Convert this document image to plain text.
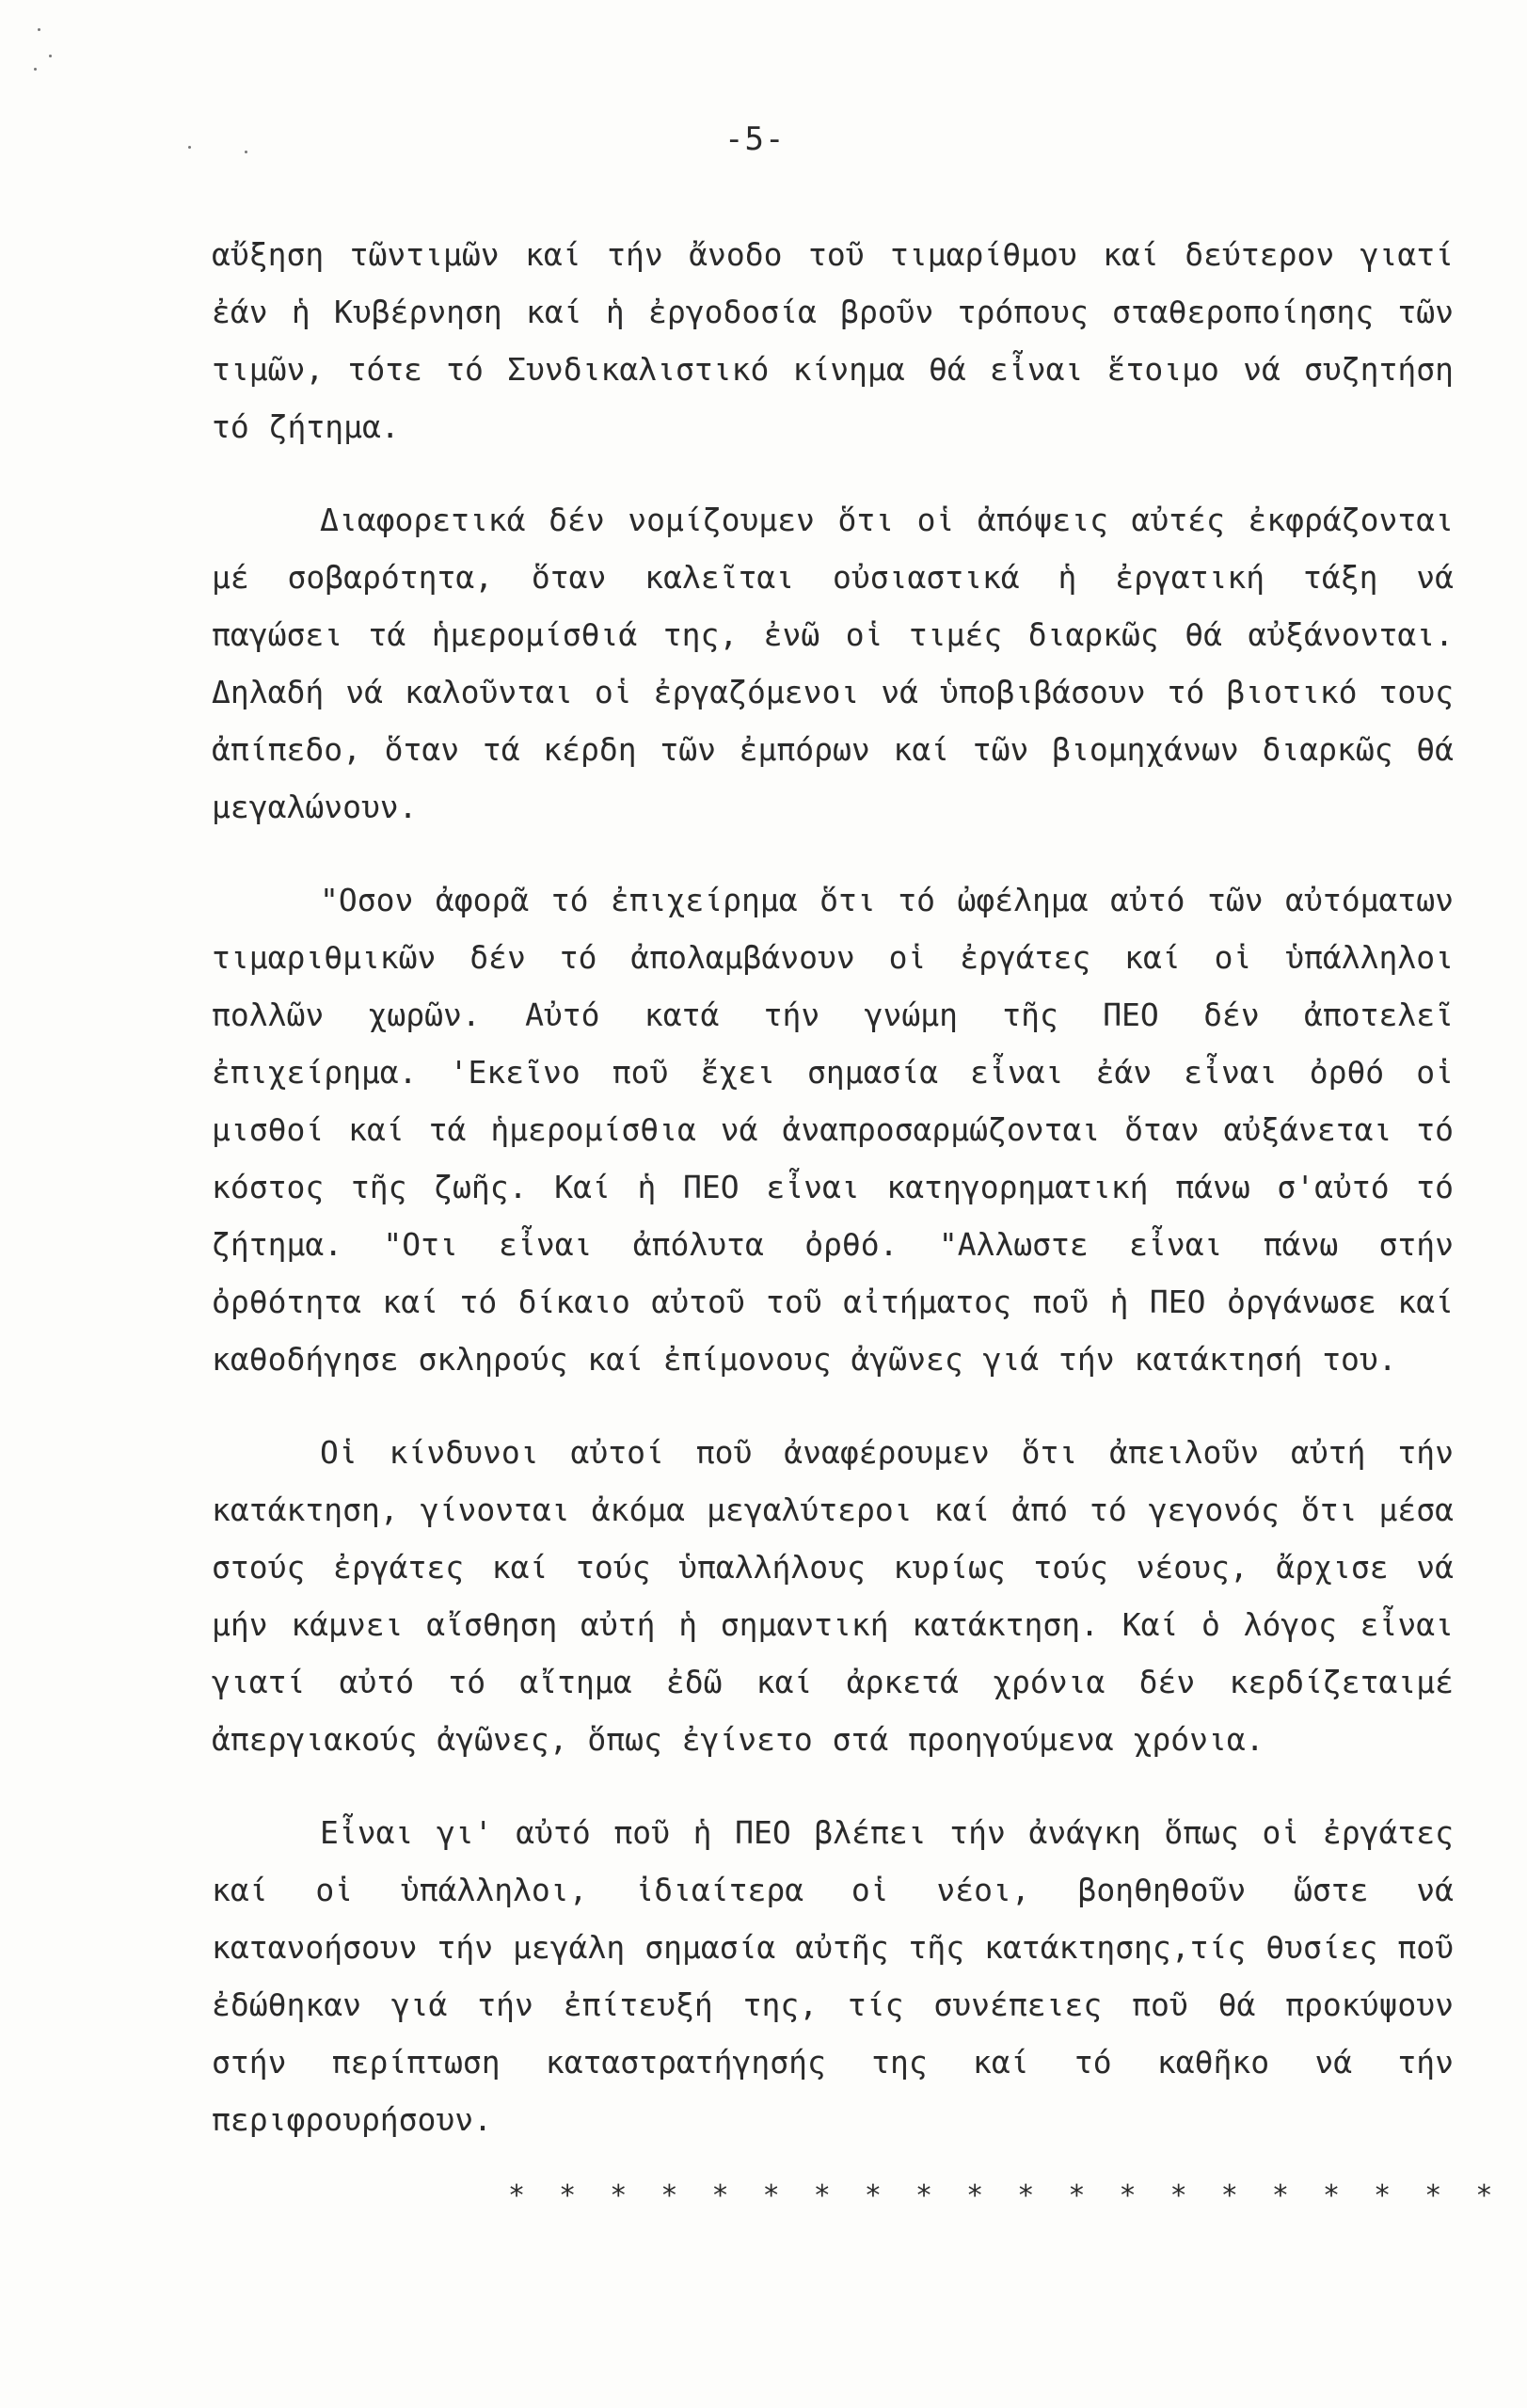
-5-

αὔξηση τῶντιμῶν καί τήν ἄνοδο τοῦ τιμαρίθμου καί δεύτερον γιατί ἐάν ἡ Κυβέρνηση καί ἡ ἐργοδοσία βροῦν τρόπους σταθεροποίησης τῶν τιμῶν, τότε τό Συνδικαλιστικό κίνημα θά εἶναι ἕτοιμο νά συζητήση τό ζήτημα.

Διαφορετικά δέν νομίζουμεν ὅτι οἱ ἀπόψεις αὐτές ἐκφράζονται μέ σοβαρότητα, ὅταν καλεῖται οὐσιαστικά ἡ ἐργατική τάξη νά παγώσει τά ἡμερομίσθιά της, ἐνῶ οἱ τιμές διαρκῶς θά αὐξάνονται. Δηλαδή νά καλοῦνται οἱ ἐργαζόμενοι νά ὑποβιβάσουν τό βιοτικό τους ἀπίπεδο, ὅταν τά κέρδη τῶν ἐμπόρων καί τῶν βιομηχάνων διαρκῶς θά μεγαλώνουν.

"Οσον ἀφορᾶ τό ἐπιχείρημα ὅτι τό ὠφέλημα αὐτό τῶν αὐτόματων τιμαριθμικῶν δέν τό ἀπολαμβάνουν οἱ ἐργάτες καί οἱ ὑπάλληλοι πολλῶν χωρῶν. Αὐτό κατά τήν γνώμη τῆς ΠΕΟ δέν ἀποτελεῖ ἐπιχείρημα. 'Εκεῖνο ποῦ ἔχει σημασία εἶναι ἐάν εἶναι ὀρθό οἱ μισθοί καί τά ἡμερομίσθια νά ἀναπροσαρμώζονται ὅταν αὐξάνεται τό κόστος τῆς ζωῆς. Καί ἡ ΠΕΟ εἶναι κατηγορηματική πάνω σ'αὐτό τό ζήτημα. "Οτι εἶναι ἀπόλυτα ὀρθό. "Αλλωστε εἶναι πάνω στήν ὀρθότητα καί τό δίκαιο αὐτοῦ τοῦ αἰτήματος ποῦ ἡ ΠΕΟ ὀργάνωσε καί καθοδήγησε σκληρούς καί ἐπίμονους ἀγῶνες γιά τήν κατάκτησή του.

Οἱ κίνδυνοι αὐτοί ποῦ ἀναφέρουμεν ὅτι ἀπειλοῦν αὐτή τήν κατάκτηση, γίνονται ἀκόμα μεγαλύτεροι καί ἀπό τό γεγονός ὅτι μέσα στούς ἐργάτες καί τούς ὑπαλλήλους κυρίως τούς νέους, ἄρχισε νά μήν κάμνει αἴσθηση αὐτή ἡ σημαντική κατάκτηση. Καί ὁ λόγος εἶναι γιατί αὐτό τό αἴτημα ἐδῶ καί ἀρκετά χρόνια δέν κερδίζεταιμέ ἀπεργιακούς ἀγῶνες, ὅπως ἐγίνετο στά προηγούμενα χρόνια.

Εἶναι γι' αὐτό ποῦ ἡ ΠΕΟ βλέπει τήν ἀνάγκη ὅπως οἱ ἐργάτες καί οἱ ὑπάλληλοι, ἰδιαίτερα οἱ νέοι, βοηθηθοῦν ὥστε νά κατανοήσουν τήν μεγάλη σημασία αὐτῆς τῆς κατάκτησης,τίς θυσίες ποῦ ἐδώθηκαν γιά τήν ἐπίτευξή της, τίς συνέπειες ποῦ θά προκύψουν στήν περίπτωση καταστρατήγησής της καί τό καθῆκο νά τήν περιφρουρήσουν.

* * * * * * * * * * * * * * * * * * * *
